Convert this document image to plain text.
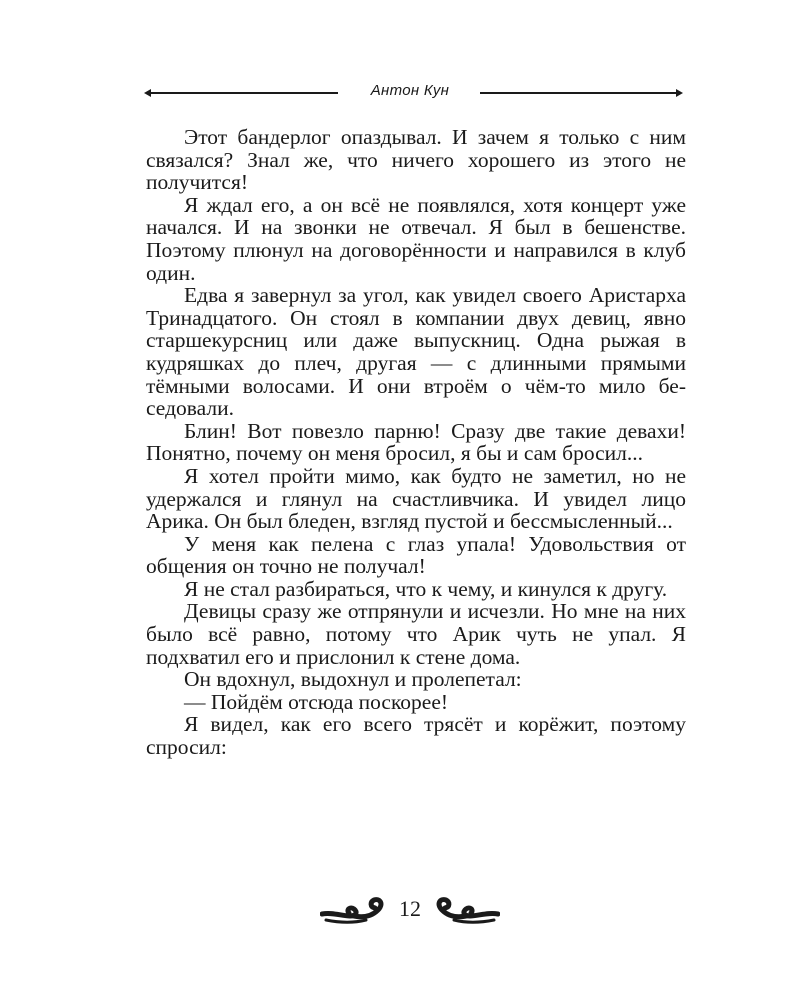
Антон Кун

Этот бандерлог опаздывал. И зачем я только с ним связался? Знал же, что ничего хорошего из этого не получится!

Я ждал его, а он всё не появлялся, хотя концерт уже начался. И на звонки не отвечал. Я был в бешенстве. Поэтому плюнул на договорённости и направился в клуб один.

Едва я завернул за угол, как увидел своего Аристарха Тринадцатого. Он стоял в компании двух девиц, явно старшекурсниц или даже выпускниц. Одна рыжая в кудряшках до плеч, другая — с длинными прямыми тёмными волосами. И они втроём о чём-то мило беседовали.

Блин! Вот повезло парню! Сразу две такие девахи! Понятно, почему он меня бросил, я бы и сам бросил...

Я хотел пройти мимо, как будто не заметил, но не удержался и глянул на счастливчика. И увидел лицо Арика. Он был бледен, взгляд пустой и бессмысленный...

У меня как пелена с глаз упала! Удовольствия от общения он точно не получал!

Я не стал разбираться, что к чему, и кинулся к другу.

Девицы сразу же отпрянули и исчезли. Но мне на них было всё равно, потому что Арик чуть не упал. Я подхватил его и прислонил к стене дома.

Он вдохнул, выдохнул и пролепетал:

— Пойдём отсюда поскорее!

Я видел, как его всего трясёт и корёжит, поэтому спросил:

12
